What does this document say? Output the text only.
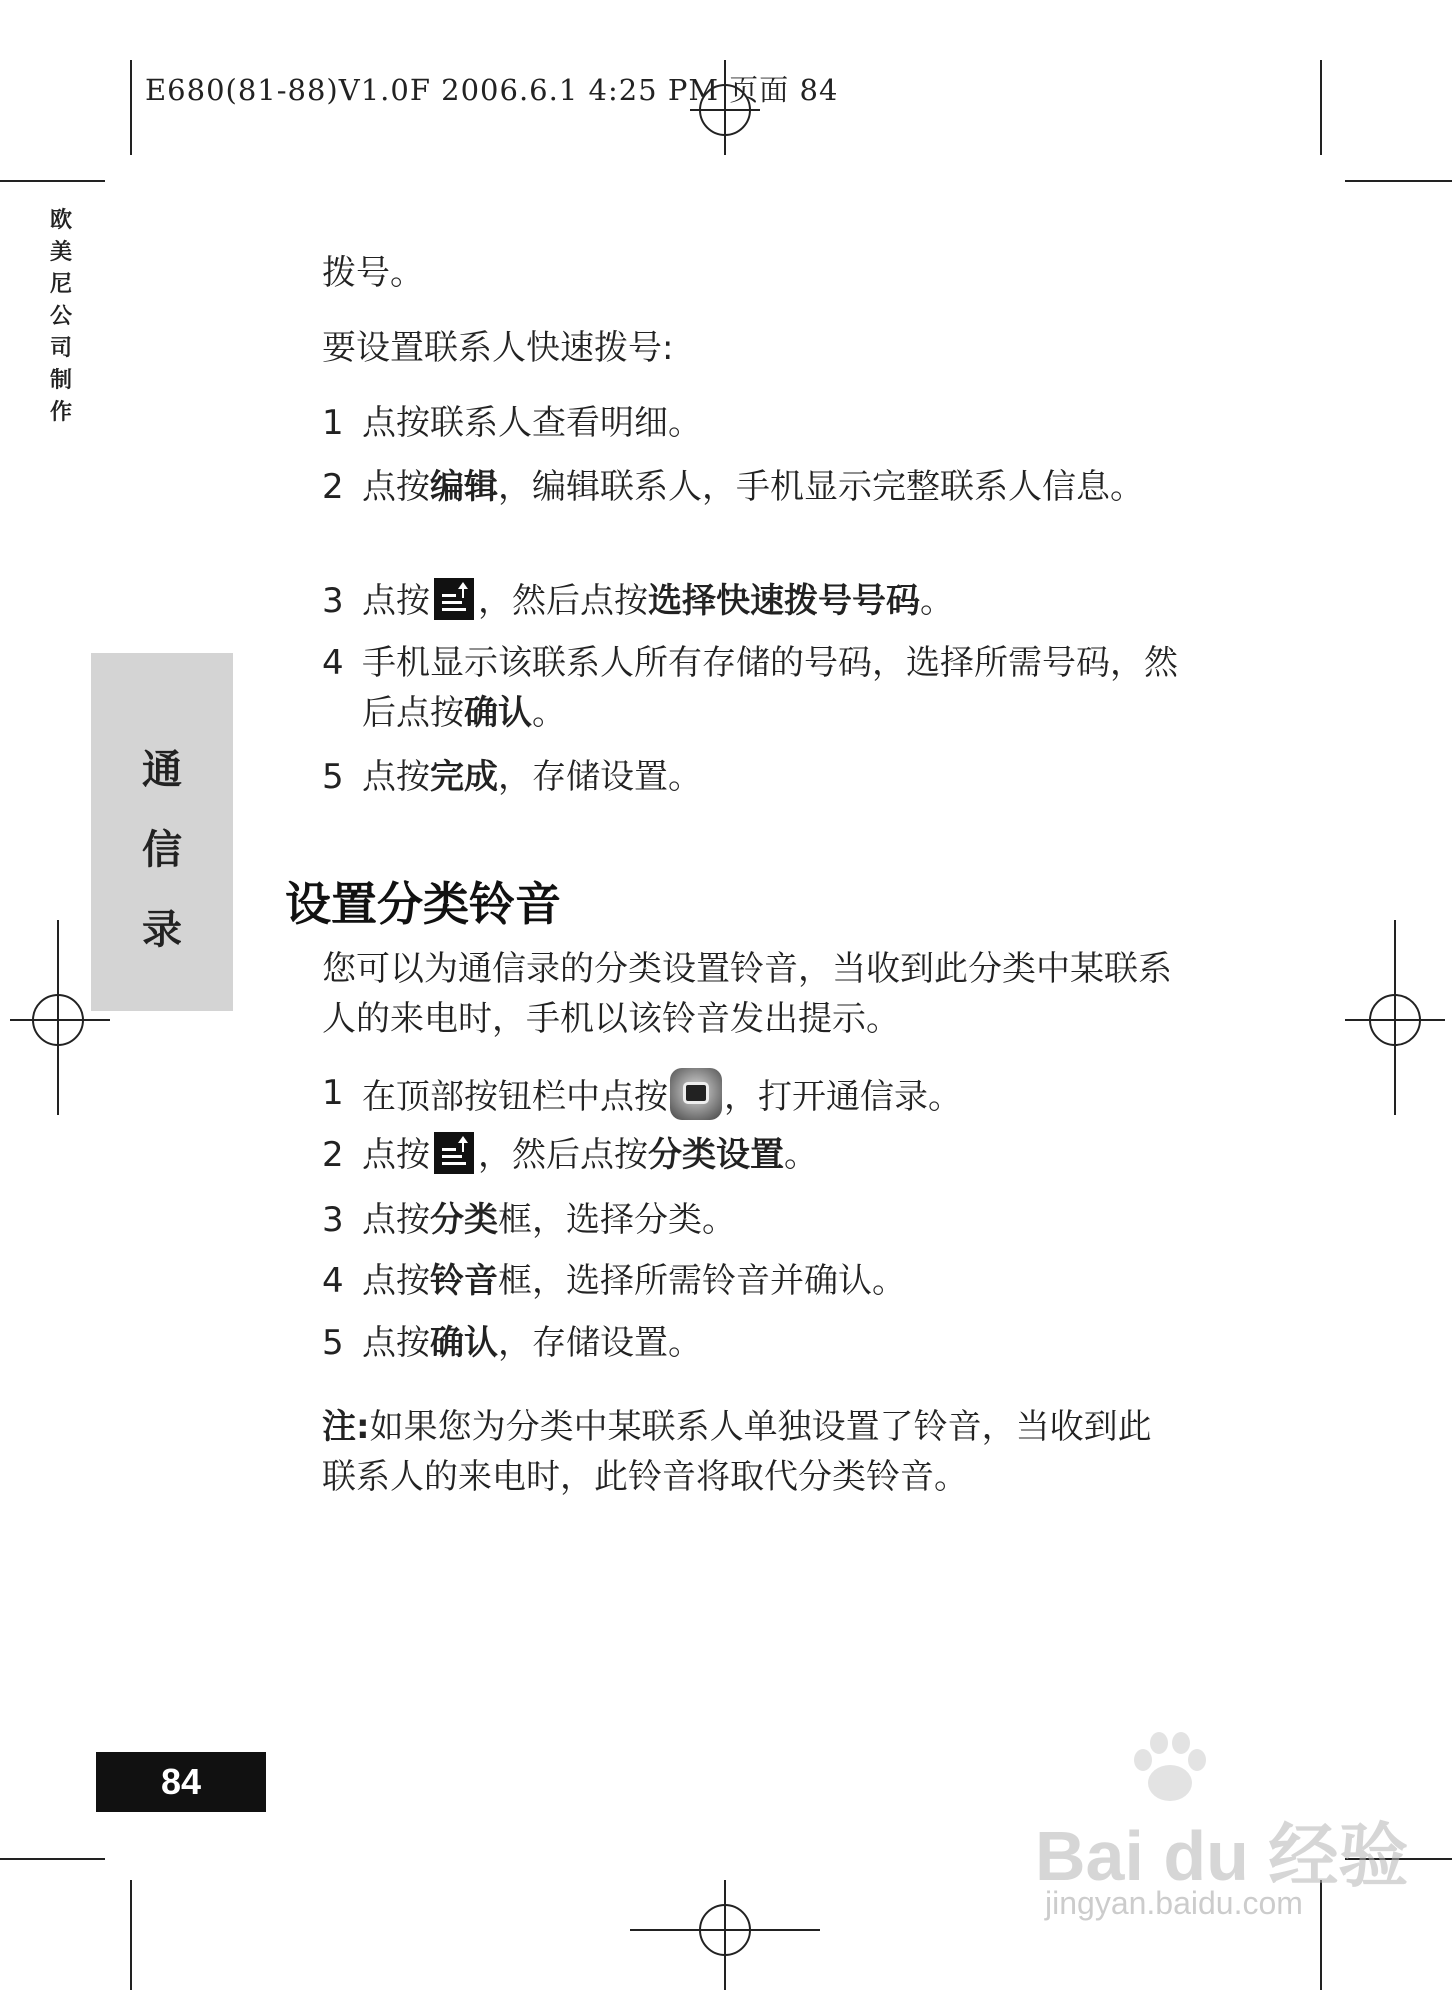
E680(81-88)V1.0F 2006.6.1 4:25 PM 页面 84
欧美尼公司制作
通信录
拨号。
要设置联系人快速拨号:
1 点按联系人查看明细。
2 点按编辑，编辑联系人，手机显示完整联系人信息。
3 点按 ，然后点按选择快速拨号号码。
4 手机显示该联系人所有存储的号码，选择所需号码，然后点按确认。
5 点按完成，存储设置。
设置分类铃音
您可以为通信录的分类设置铃音，当收到此分类中某联系人的来电时，手机以该铃音发出提示。
1 在顶部按钮栏中点按 ，打开通信录。
2 点按 ，然后点按分类设置。
3 点按分类框，选择分类。
4 点按铃音框，选择所需铃音并确认。
5 点按确认，存储设置。
注:如果您为分类中某联系人单独设置了铃音，当收到此联系人的来电时，此铃音将取代分类铃音。
84
Bai du 经验
jingyan.baidu.com
